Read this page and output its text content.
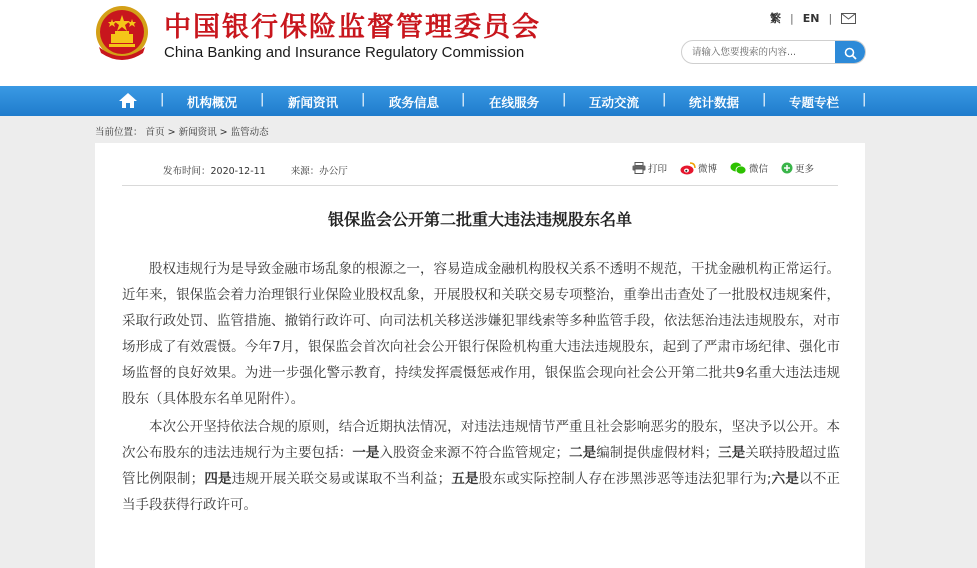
中国银行保险监督管理委员会
China Banking and Insurance Regulatory Commission
繁 | EN |
请输入您要搜索的内容...
| 机构概况 | 新闻资讯 | 政务信息 | 在线服务 | 互动交流 | 统计数据 | 专题专栏 |
当前位置： 首页 > 新闻资讯 > 监管动态
发布时间：2020-12-11	来源：办公厅	打印	微博	微信	更多
银保监会公开第二批重大违法违规股东名单

股权违规行为是导致金融市场乱象的根源之一，容易造成金融机构股权关系不透明不规范，干扰金融机构正常运行。近年来，银保监会着力治理银行业保险业股权乱象，开展股权和关联交易专项整治，重拳出击查处了一批股权违规案件，采取行政处罚、监管措施、撤销行政许可、向司法机关移送涉嫌犯罪线索等多种监管手段，依法惩治违法违规股东，对市场形成了有效震慑。今年7月，银保监会首次向社会公开银行保险机构重大违法违规股东，起到了严肃市场纪律、强化市场监督的良好效果。为进一步强化警示教育，持续发挥震慑惩戒作用，银保监会现向社会公开第二批共9名重大违法违规股东（具体股东名单见附件）。

本次公开坚持依法合规的原则，结合近期执法情况，对违法违规情节严重且社会影响恶劣的股东，坚决予以公开。本次公布股东的违法违规行为主要包括：一是入股资金来源不符合监管规定；二是编制提供虚假材料；三是关联持股超过监管比例限制；四是违规开展关联交易或谋取不当利益；五是股东或实际控制人存在涉黑涉恶等违法犯罪行为;六是以不正当手段获得行政许可。
